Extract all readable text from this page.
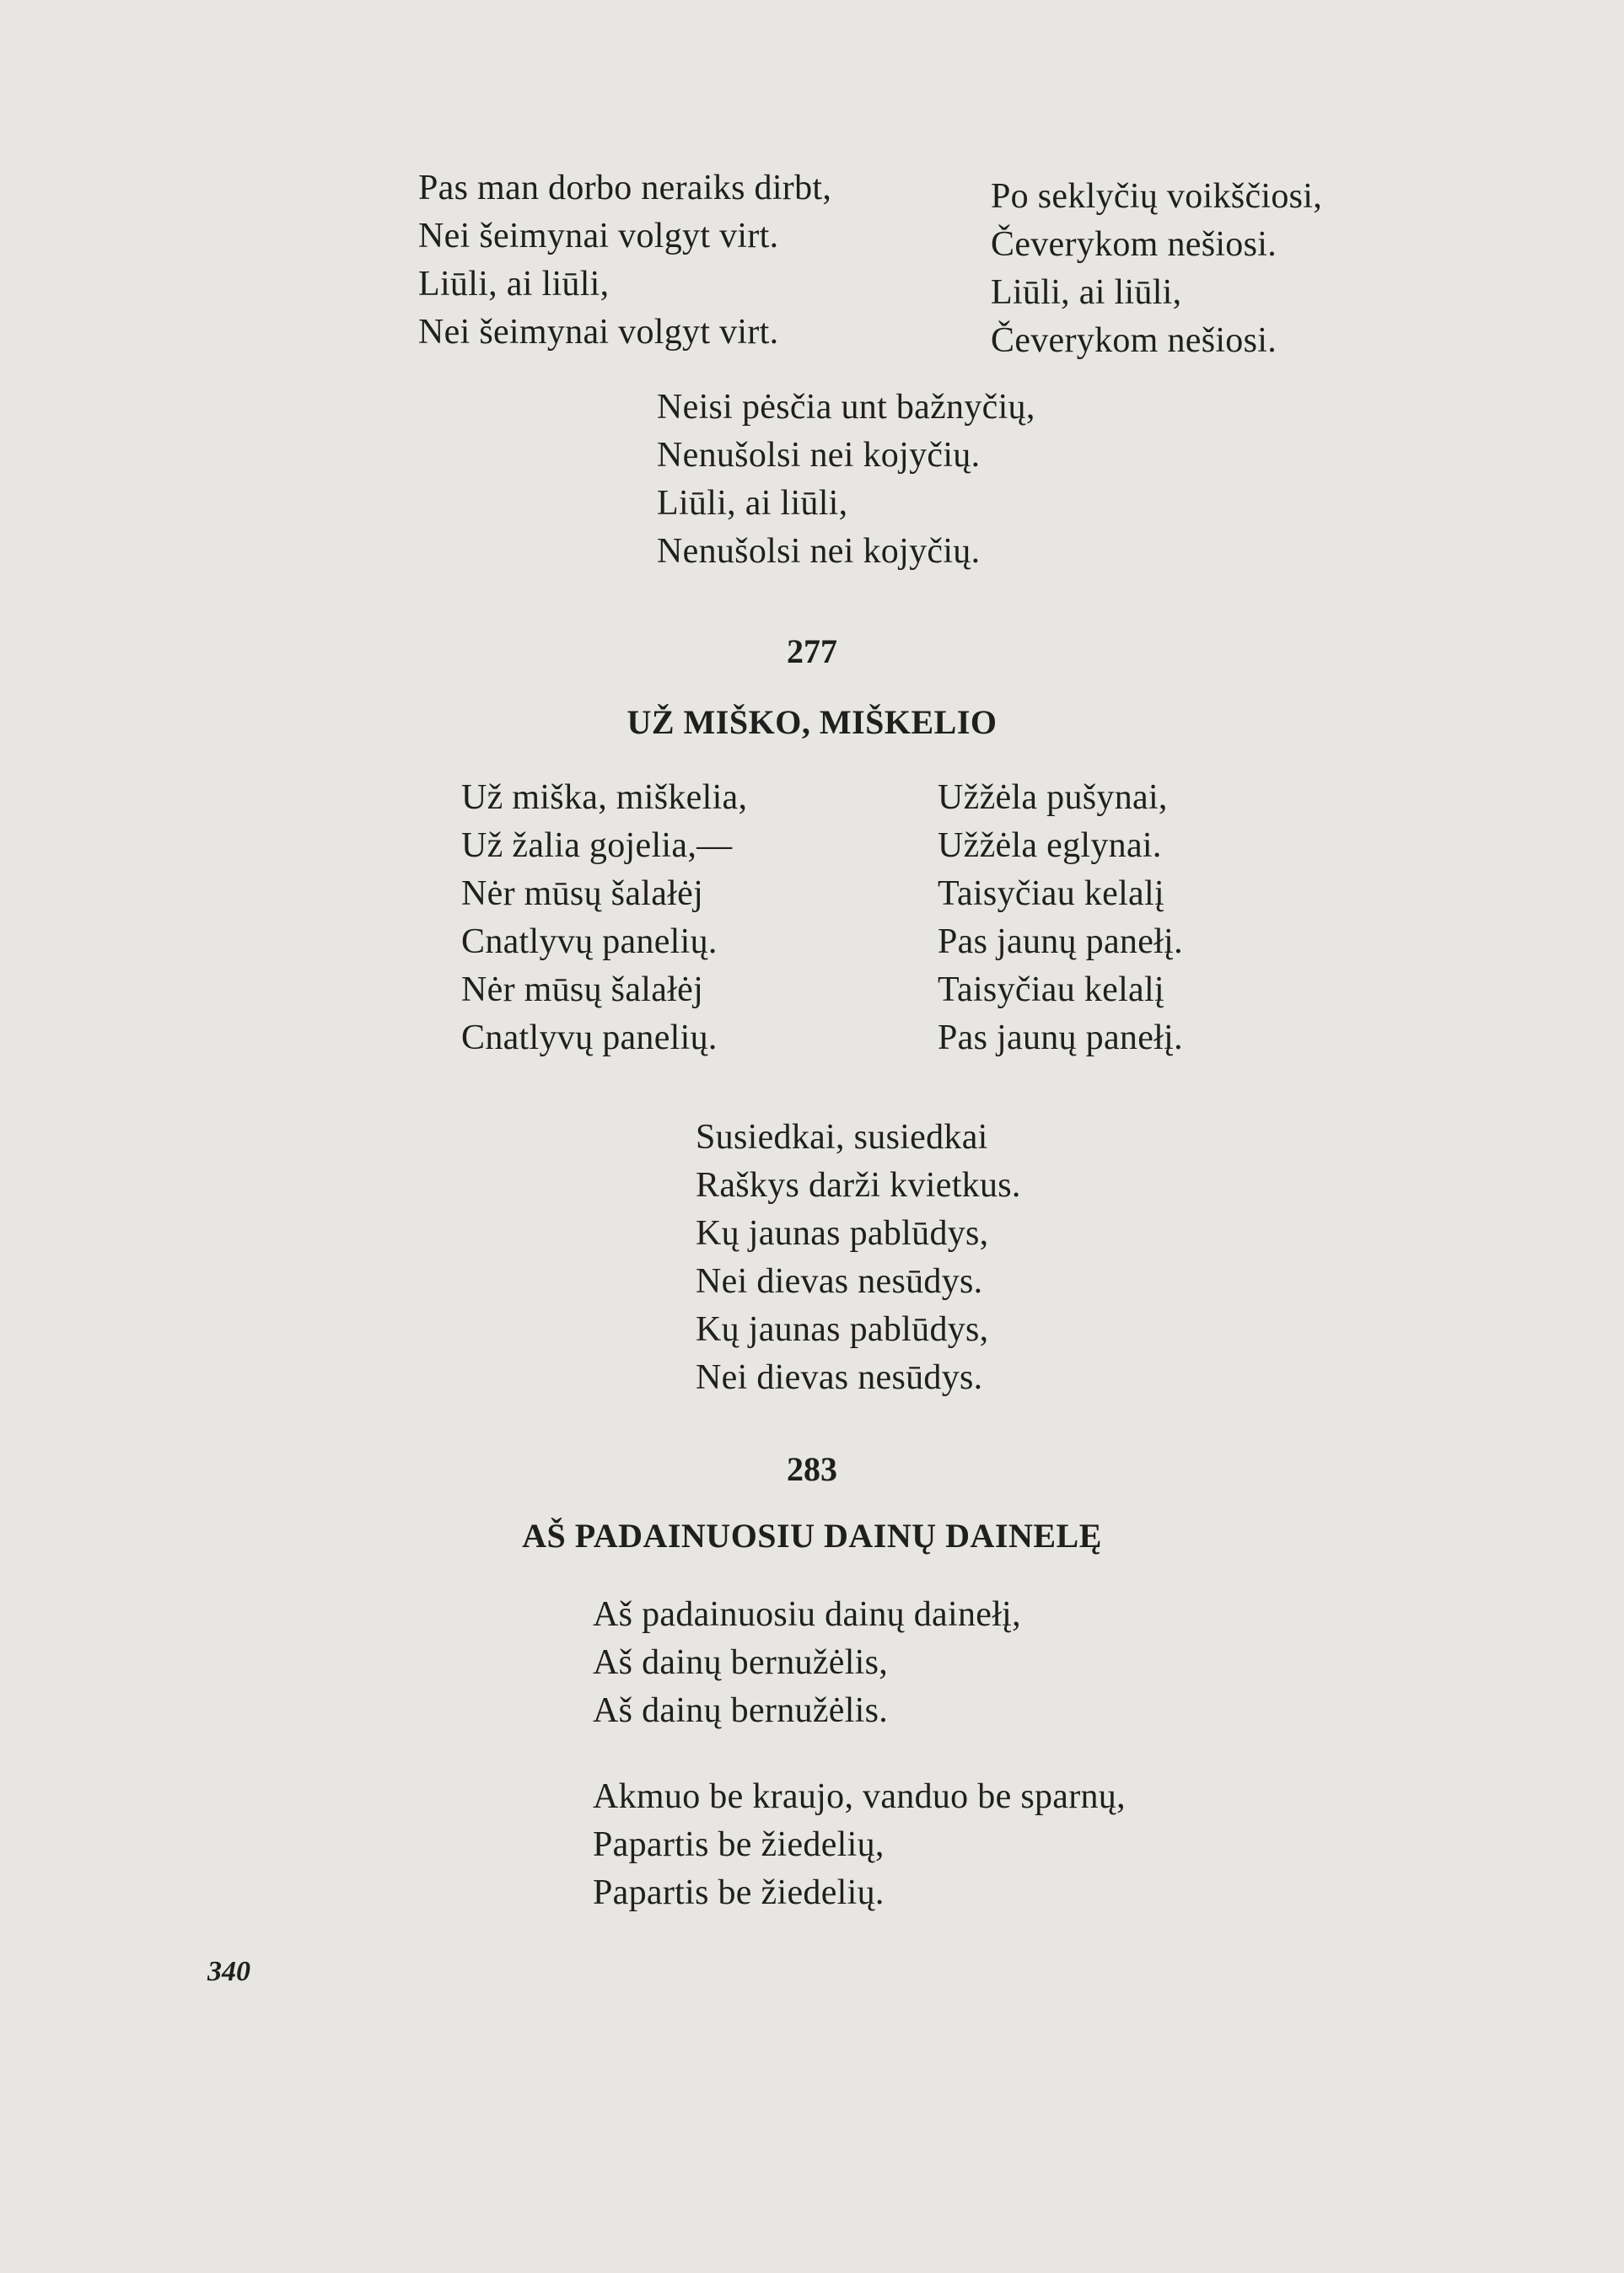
Pas man dorbo neraiks dirbt,
Nei šeimynai volgyt virt.
Liūli, ai liūli,
Nei šeimynai volgyt virt.
Po seklyčių voikščiosi,
Čeverykom nešiosi.
Liūli, ai liūli,
Čeverykom nešiosi.
Neisi pėsčia unt bažnyčių,
Nenušolsi nei kojyčių.
Liūli, ai liūli,
Nenušolsi nei kojyčių.
277
UŽ MIŠKO, MIŠKELIO
Už miška, miškelia,
Už žalia gojelia,—
Nėr mūsų šalałėj
Cnatlyvų panelių.
Nėr mūsų šalałėj
Cnatlyvų panelių.
Užžėla pušynai,
Užžėla eglynai.
Taisyčiau kelalį
Pas jaunų panełį.
Taisyčiau kelalį
Pas jaunų panełį.
Susiedkai, susiedkai
Raškys darži kvietkus.
Kų jaunas pablūdys,
Nei dievas nesūdys.
Kų jaunas pablūdys,
Nei dievas nesūdys.
283
AŠ PADAINUOSIU DAINŲ DAINELĘ
Aš padainuosiu dainų dainełį,
Aš dainų bernužėlis,
Aš dainų bernužėlis.
Akmuo be kraujo, vanduo be sparnų,
Papartis be žiedelių,
Papartis be žiedelių.
340
